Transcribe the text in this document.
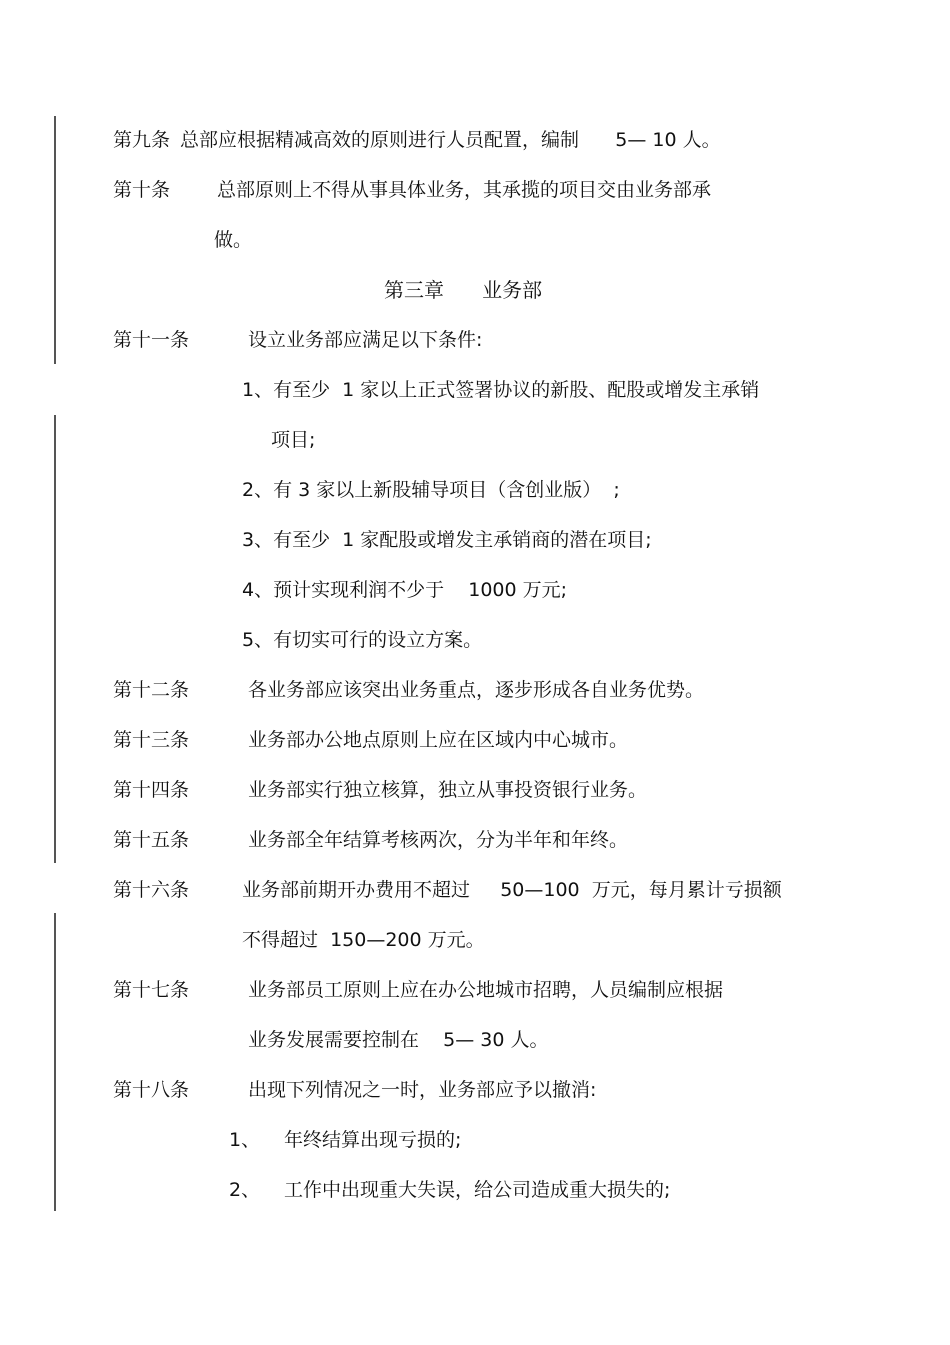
第九条 总部应根据精减高效的原则进行人员配置，编制      5— 10 人。
第十条 总部原则上不得从事具体业务，其承揽的项目交由业务部承
做。
第三章      业务部
第十一条	设立业务部应满足以下条件:
1、有至少  1 家以上正式签署协议的新股、配股或增发主承销
项目;
2、有 3 家以上新股辅导项目（含创业版）  ;
3、有至少  1 家配股或增发主承销商的潜在项目;
4、预计实现利润不少于    1000 万元;
5、有切实可行的设立方案。
第十二条	各业务部应该突出业务重点，逐步形成各自业务优势。
第十三条	业务部办公地点原则上应在区域内中心城市。
第十四条	业务部实行独立核算，独立从事投资银行业务。
第十五条	业务部全年结算考核两次，分为半年和年终。
第十六条	业务部前期开办费用不超过     50—100  万元，每月累计亏损额
不得超过  150—200 万元。
第十七条	业务部员工原则上应在办公地城市招聘，人员编制应根据
业务发展需要控制在    5— 30 人。
第十八条	出现下列情况之一时，业务部应予以撤消:
1、 年终结算出现亏损的;
2、 工作中出现重大失误，给公司造成重大损失的;
